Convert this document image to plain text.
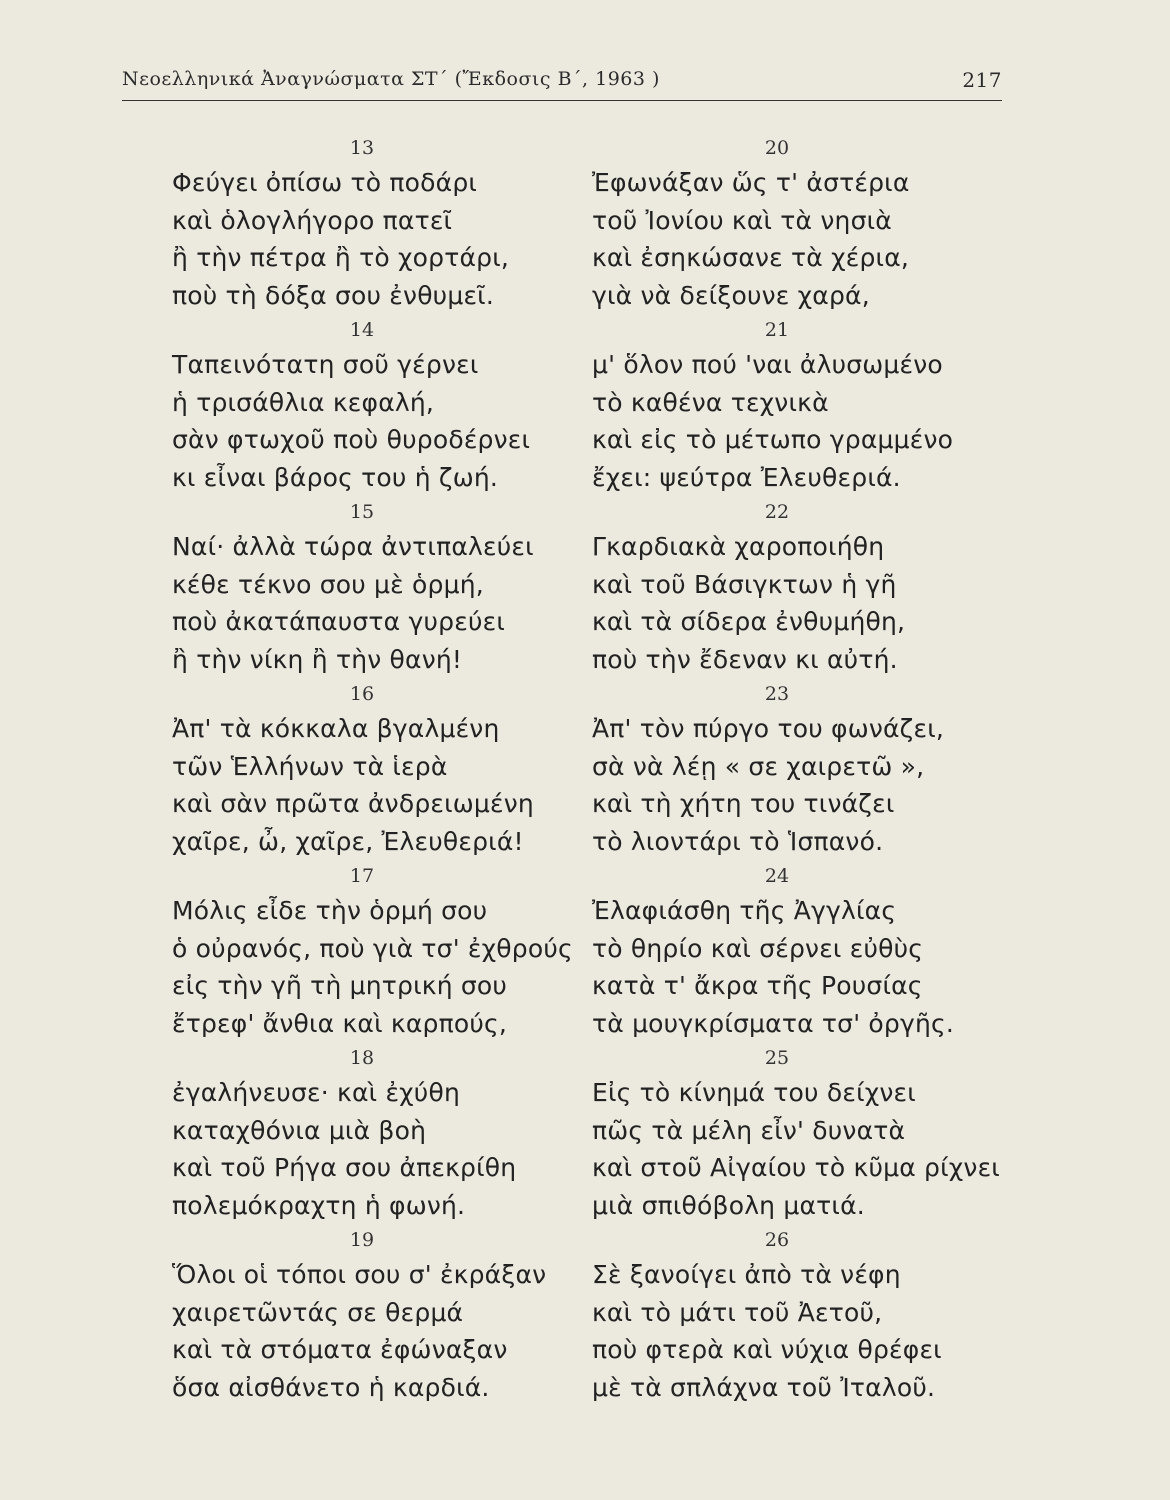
Νεοελληνικά Ἀναγνώσματα ΣΤ΄ (Ἔκδοσις Β΄, 1963 )	217
13
Φεύγει ὀπίσω τὸ ποδάρι
καὶ ὁλογλήγορο πατεῖ
ἢ τὴν πέτρα ἢ τὸ χορτάρι,
ποὺ τὴ δόξα σου ἐνθυμεῖ.
14
Ταπεινότατη σοῦ γέρνει
ἡ τρισάθλια κεφαλή,
σὰν φτωχοῦ ποὺ θυροδέρνει
κι εἶναι βάρος του ἡ ζωή.
15
Ναί· ἀλλὰ τώρα ἀντιπαλεύει
κέθε τέκνο σου μὲ ὁρμή,
ποὺ ἀκατάπαυστα γυρεύει
ἢ τὴν νίκη ἢ τὴν θανή!
16
Ἀπ' τὰ κόκκαλα βγαλμένη
τῶν Ἑλλήνων τὰ ἱερὰ
καὶ σὰν πρῶτα ἀνδρειωμένη
χαῖρε, ὦ, χαῖρε, Ἐλευθεριά!
17
Μόλις εἶδε τὴν ὁρμή σου
ὁ οὐρανός, ποὺ γιὰ τσ' ἐχθρούς
εἰς τὴν γῆ τὴ μητρική σου
ἔτρεφ' ἄνθια καὶ καρπούς,
18
ἐγαλήνευσε· καὶ ἐχύθη
καταχθόνια μιὰ βοὴ
καὶ τοῦ Ρήγα σου ἀπεκρίθη
πολεμόκραχτη ἡ φωνή.
19
Ὅλοι οἱ τόποι σου σ' ἐκράξαν
χαιρετῶντάς σε θερμά
καὶ τὰ στόματα ἐφώναξαν
ὅσα αἰσθάνετο ἡ καρδιά.
20
Ἐφωνάξαν ὥς τ' ἀστέρια
τοῦ Ἰονίου καὶ τὰ νησιὰ
καὶ ἐσηκώσανε τὰ χέρια,
γιὰ νὰ δείξουνε χαρά,
21
μ' ὅλον πού 'ναι ἀλυσωμένο
τὸ καθένα τεχνικὰ
καὶ εἰς τὸ μέτωπο γραμμένο
ἔχει: ψεύτρα Ἐλευθεριά.
22
Γκαρδιακὰ χαροποιήθη
καὶ τοῦ Βάσιγκτων ἡ γῆ
καὶ τὰ σίδερα ἐνθυμήθη,
ποὺ τὴν ἔδεναν κι αὐτή.
23
Ἀπ' τὸν πύργο του φωνάζει,
σὰ νὰ λέῃ « σε χαιρετῶ »,
καὶ τὴ χήτη του τινάζει
τὸ λιοντάρι τὸ Ἱσπανό.
24
Ἐλαφιάσθη τῆς Ἀγγλίας
τὸ θηρίο καὶ σέρνει εὐθὺς
κατὰ τ' ἄκρα τῆς Ρουσίας
τὰ μουγκρίσματα τσ' ὀργῆς.
25
Εἰς τὸ κίνημά του δείχνει
πῶς τὰ μέλη εἶν' δυνατὰ
καὶ στοῦ Αἰγαίου τὸ κῦμα ρίχνει
μιὰ σπιθόβολη ματιά.
26
Σὲ ξανοίγει ἀπὸ τὰ νέφη
καὶ τὸ μάτι τοῦ Ἀετοῦ,
ποὺ φτερὰ καὶ νύχια θρέφει
μὲ τὰ σπλάχνα τοῦ Ἰταλοῦ.
